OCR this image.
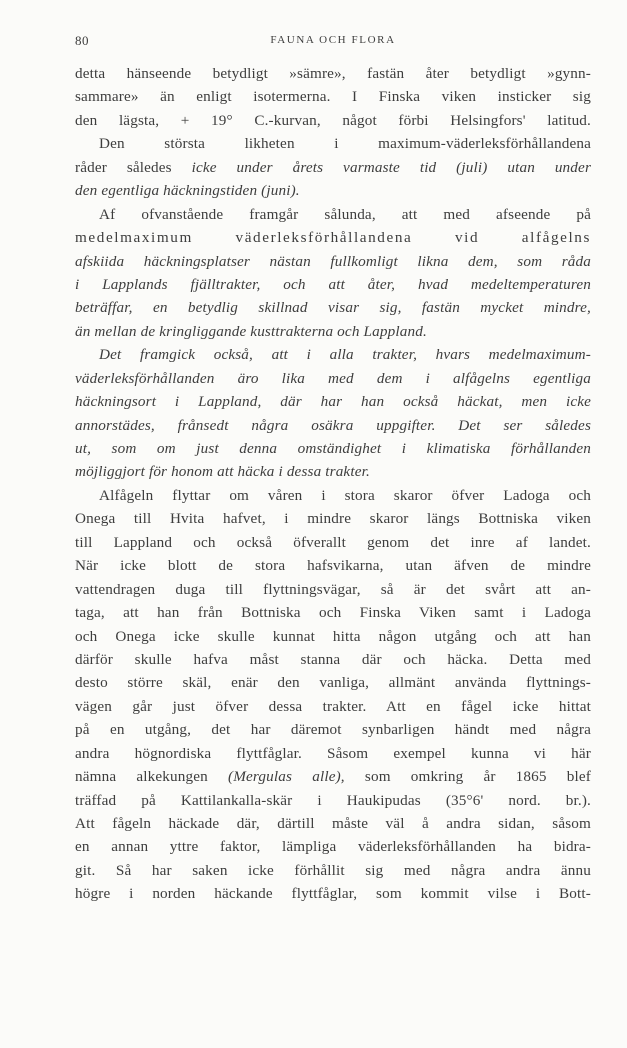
80	FAUNA OCH FLORA
detta hänseende betydligt »sämre», fastän åter betydligt »gynn-
sammare» än enligt isotermerna. I Finska viken insticker sig
den lägsta, + 19° C.-kurvan, något förbi Helsingfors' latitud.
Den största likheten i maximum-väderleksförhållandena
råder således icke under årets varmaste tid (juli) utan under
den egentliga häckningstiden (juni).
Af ofvanstående framgår sålunda, att med afseende på
medelmaximum väderleksförhållandena vid alfågelns
afskiida häckningsplatser nästan fullkomligt likna dem, som råda
i Lapplands fjälltrakter, och att åter, hvad medeltemperaturen
beträffar, en betydlig skillnad visar sig, fastän mycket mindre,
än mellan de kringliggande kusttrakterna och Lappland.
Det framgick också, att i alla trakter, hvars medelmaximum-
väderleksförhållanden äro lika med dem i alfågelns egentliga
häckningsort i Lappland, där har han också häckat, men icke
annorstädes, frånsedt några osäkra uppgifter. Det ser således
ut, som om just denna omständighet i klimatiska förhållanden
möjliggjort för honom att häcka i dessa trakter.
Alfågeln flyttar om våren i stora skaror öfver Ladoga och
Onega till Hvita hafvet, i mindre skaror längs Bottniska viken
till Lappland och också öfverallt genom det inre af landet.
När icke blott de stora hafsvikarna, utan äfven de mindre
vattendragen duga till flyttningsvägar, så är det svårt att an-
taga, att han från Bottniska och Finska Viken samt i Ladoga
och Onega icke skulle kunnat hitta någon utgång och att han
därför skulle hafva måst stanna där och häcka. Detta med
desto större skäl, enär den vanliga, allmänt använda flyttnings-
vägen går just öfver dessa trakter. Att en fågel icke hittat
på en utgång, det har däremot synbarligen händt med några
andra högnordiska flyttfåglar. Såsom exempel kunna vi här
nämna alkekungen (Mergulas alle), som omkring år 1865 blef
träffad på Kattilankalla-skär i Haukipudas (35°6' nord. br.).
Att fågeln häckade där, därtill måste väl å andra sidan, såsom
en annan yttre faktor, lämpliga väderleksförhållanden ha bidra-
git. Så har saken icke förhållit sig med några andra ännu
högre i norden häckande flyttfåglar, som kommit vilse i Bott-
